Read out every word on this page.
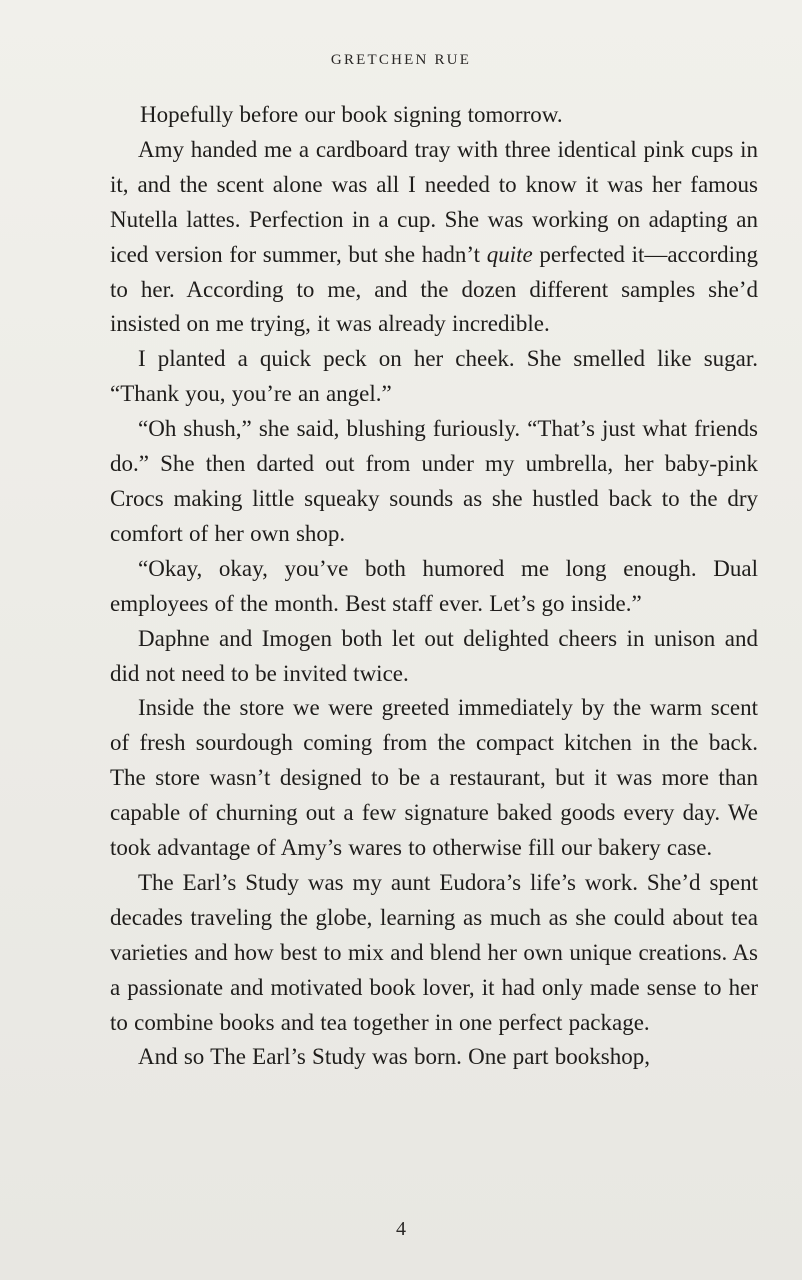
GRETCHEN RUE

Hopefully before our book signing tomorrow.

Amy handed me a cardboard tray with three identical pink cups in it, and the scent alone was all I needed to know it was her famous Nutella lattes. Perfection in a cup. She was working on adapting an iced version for summer, but she hadn’t quite perfected it—according to her. According to me, and the dozen different samples she’d insisted on me trying, it was already incredible.

I planted a quick peck on her cheek. She smelled like sugar. “Thank you, you’re an angel.”

“Oh shush,” she said, blushing furiously. “That’s just what friends do.” She then darted out from under my umbrella, her baby-pink Crocs making little squeaky sounds as she hustled back to the dry comfort of her own shop.

“Okay, okay, you’ve both humored me long enough. Dual employees of the month. Best staff ever. Let’s go inside.”

Daphne and Imogen both let out delighted cheers in unison and did not need to be invited twice.

Inside the store we were greeted immediately by the warm scent of fresh sourdough coming from the compact kitchen in the back. The store wasn’t designed to be a restaurant, but it was more than capable of churning out a few signature baked goods every day. We took advantage of Amy’s wares to otherwise fill our bakery case.

The Earl’s Study was my aunt Eudora’s life’s work. She’d spent decades traveling the globe, learning as much as she could about tea varieties and how best to mix and blend her own unique creations. As a passionate and motivated book lover, it had only made sense to her to combine books and tea together in one perfect package.

And so The Earl’s Study was born. One part bookshop,

4
